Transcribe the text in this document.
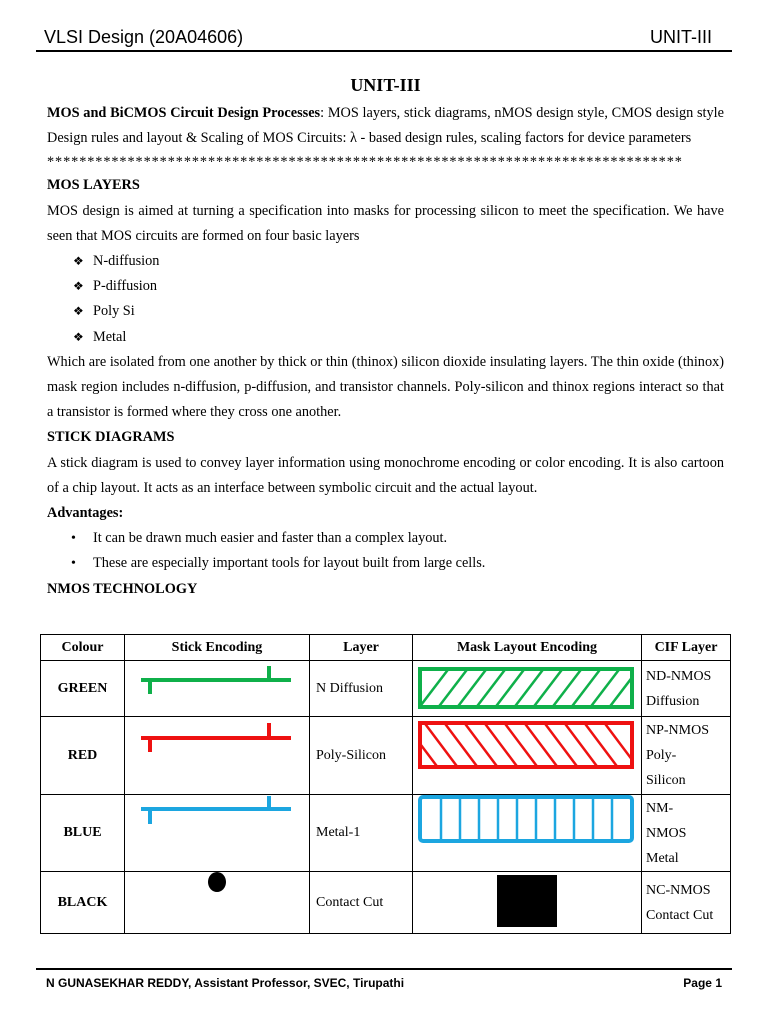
VLSI Design (20A04606)	UNIT-III
UNIT-III

MOS and BiCMOS Circuit Design Processes: MOS layers, stick diagrams, nMOS design style, CMOS design style Design rules and layout & Scaling of MOS Circuits: λ - based design rules, scaling factors for device parameters

*******************************************************************************
MOS LAYERS

MOS design is aimed at turning a specification into masks for processing silicon to meet the specification. We have seen that MOS circuits are formed on four basic layers

❖ N-diffusion
❖ P-diffusion
❖ Poly Si
❖ Metal

Which are isolated from one another by thick or thin (thinox) silicon dioxide insulating layers. The thin oxide (thinox) mask region includes n-diffusion, p-diffusion, and transistor channels. Poly-silicon and thinox regions interact so that a transistor is formed where they cross one another.

STICK DIAGRAMS

A stick diagram is used to convey layer information using monochrome encoding or color encoding. It is also cartoon of a chip layout. It acts as an interface between symbolic circuit and the actual layout.

Advantages:
• It can be drawn much easier and faster than a complex layout.
• These are especially important tools for layout built from large cells.
NMOS TECHNOLOGY
Colour	Stick Encoding	Layer	Mask Layout Encoding	CIF Layer
GREEN		N Diffusion		ND-NMOS
Diffusion

RED		Poly-Silicon		NP-NMOS
Poly-
Silicon

BLUE		Metal-1		NM-
NMOS
Metal

BLACK		Contact Cut		NC-NMOS
Contact Cut
N GUNASEKHAR REDDY, Assistant Professor, SVEC, Tirupathi	Page 1
